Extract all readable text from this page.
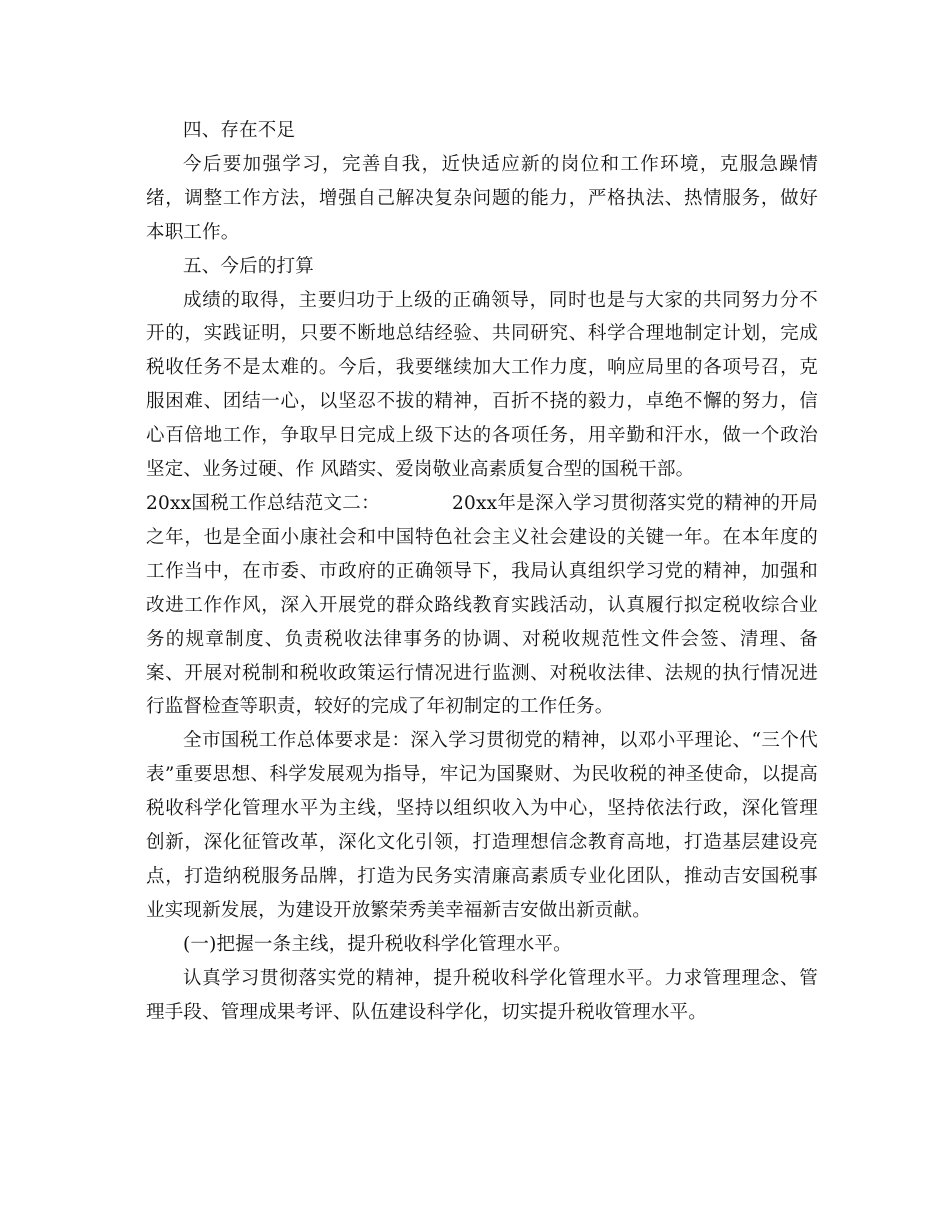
四、存在不足

今后要加强学习，完善自我，近快适应新的岗位和工作环境，克服急躁情绪，调整工作方法，增强自己解决复杂问题的能力，严格执法、热情服务，做好本职工作。

五、今后的打算

成绩的取得，主要归功于上级的正确领导，同时也是与大家的共同努力分不开的，实践证明，只要不断地总结经验、共同研究、科学合理地制定计划，完成税收任务不是太难的。今后，我要继续加大工作力度，响应局里的各项号召，克服困难、团结一心，以坚忍不拔的精神，百折不挠的毅力，卓绝不懈的努力，信心百倍地工作，争取早日完成上级下达的各项任务，用辛勤和汗水，做一个政治坚定、业务过硬、作 风踏实、爱岗敬业高素质复合型的国税干部。

20xx国税工作总结范文二：	20xx年是深入学习贯彻落实党的精神的开局之年，也是全面小康社会和中国特色社会主义社会建设的关键一年。在本年度的工作当中，在市委、市政府的正确领导下，我局认真组织学习党的精神，加强和改进工作作风，深入开展党的群众路线教育实践活动，认真履行拟定税收综合业务的规章制度、负责税收法律事务的协调、对税收规范性文件会签、清理、备案、开展对税制和税收政策运行情况进行监测、对税收法律、法规的执行情况进行监督检查等职责，较好的完成了年初制定的工作任务。

全市国税工作总体要求是：深入学习贯彻党的精神，以邓小平理论、“三个代表”重要思想、科学发展观为指导，牢记为国聚财、为民收税的神圣使命，以提高税收科学化管理水平为主线，坚持以组织收入为中心，坚持依法行政，深化管理创新，深化征管改革，深化文化引领，打造理想信念教育高地，打造基层建设亮点，打造纳税服务品牌，打造为民务实清廉高素质专业化团队，推动吉安国税事业实现新发展，为建设开放繁荣秀美幸福新吉安做出新贡献。

(一)把握一条主线，提升税收科学化管理水平。

认真学习贯彻落实党的精神，提升税收科学化管理水平。力求管理理念、管理手段、管理成果考评、队伍建设科学化，切实提升税收管理水平。
